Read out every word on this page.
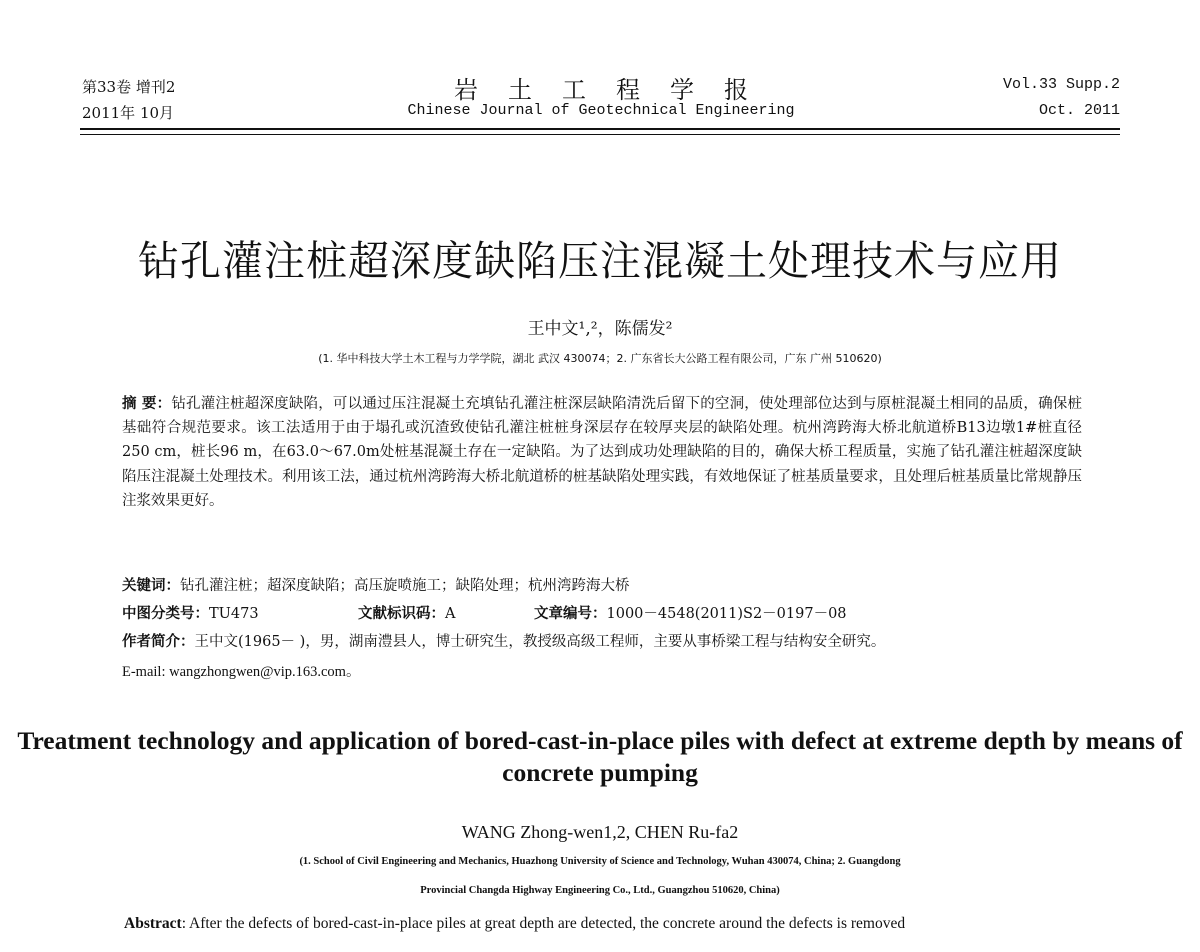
第33卷 增刊2
2011年 10月
岩土工程学报
Chinese Journal of Geotechnical Engineering
Vol.33 Supp.2
Oct. 2011
钻孔灌注桩超深度缺陷压注混凝土处理技术与应用
王中文¹,²，陈儒发²
(1. 华中科技大学土木工程与力学学院，湖北 武汉 430074；2. 广东省长大公路工程有限公司，广东 广州 510620)
摘 要：钻孔灌注桩超深度缺陷，可以通过压注混凝土充填钻孔灌注桩深层缺陷清洗后留下的空洞，使处理部位达到与原桩混凝土相同的品质，确保桩基础符合规范要求。该工法适用于由于塌孔或沉渣致使钻孔灌注桩桩身深层存在较厚夹层的缺陷处理。杭州湾跨海大桥北航道桥B13边墩1#桩直径250 cm，桩长96 m，在63.0～67.0m处桩基混凝土存在一定缺陷。为了达到成功处理缺陷的目的，确保大桥工程质量，实施了钻孔灌注桩超深度缺陷压注混凝土处理技术。利用该工法，通过杭州湾跨海大桥北航道桥的桩基缺陷处理实践，有效地保证了桩基质量要求，且处理后桩基质量比常规静压注浆效果更好。
关键词：钻孔灌注桩；超深度缺陷；高压旋喷施工；缺陷处理；杭州湾跨海大桥
中图分类号：TU473	文献标识码：A	文章编号：1000－4548(2011)S2－0197－08
作者简介：王中文(1965－ )，男，湖南澧县人，博士研究生，教授级高级工程师，主要从事桥梁工程与结构安全研究。
E-mail: wangzhongwen@vip.163.com。
Treatment technology and application of bored-cast-in-place piles with defect at extreme depth by means of concrete pumping
WANG Zhong-wen1,2, CHEN Ru-fa2
(1. School of Civil Engineering and Mechanics, Huazhong University of Science and Technology, Wuhan 430074, China; 2. Guangdong
Provincial Changda Highway Engineering Co., Ltd., Guangzhou 510620, China)
Abstract: After the defects of bored-cast-in-place piles at great depth are detected, the concrete around the defects is removed
